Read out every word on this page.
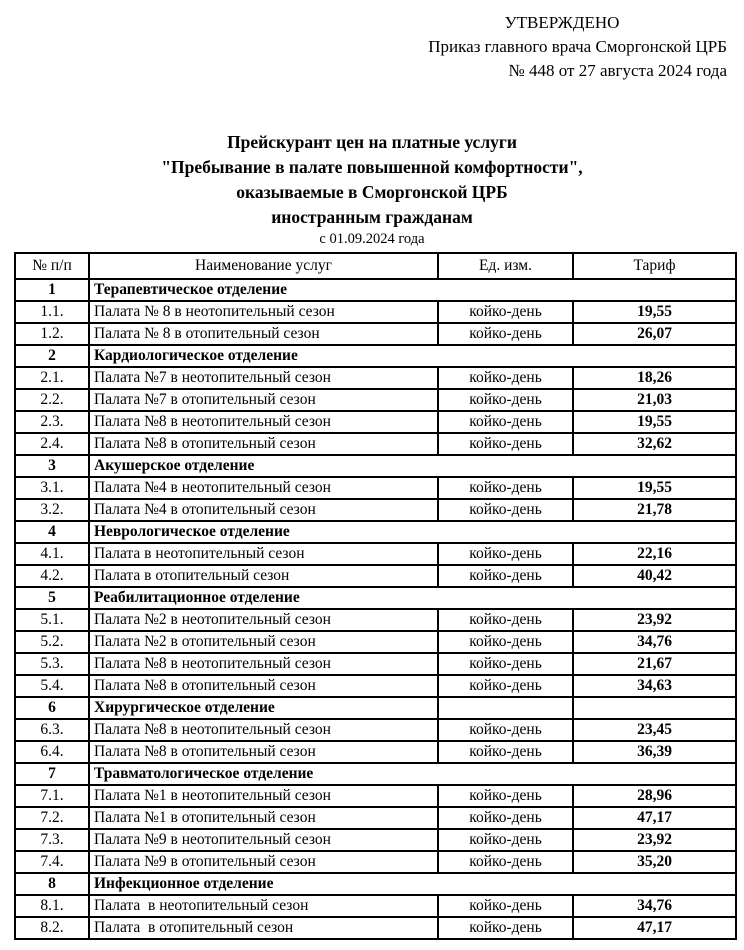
УТВЕРЖДЕНО
Приказ главного врача Сморгонской ЦРБ
№ 448 от 27 августа 2024 года
Прейскурант цен на платные услуги
"Пребывание в палате повышенной комфортности",
оказываемые в Сморгонской ЦРБ
иностранным гражданам
с 01.09.2024 года
№ п/п	Наименование услуг	Ед. изм.	Тариф
1	Терапевтическое отделение		
1.1.	Палата № 8 в неотопительный сезон	койко-день	19,55
1.2.	Палата № 8 в отопительный сезон	койко-день	26,07
2	Кардиологическое отделение		
2.1.	Палата №7 в неотопительный сезон	койко-день	18,26
2.2.	Палата №7 в отопительный сезон	койко-день	21,03
2.3.	Палата №8 в неотопительный сезон	койко-день	19,55
2.4.	Палата №8 в отопительный сезон	койко-день	32,62
3	Акушерское отделение		
3.1.	Палата №4 в неотопительный сезон	койко-день	19,55
3.2.	Палата №4 в отопительный сезон	койко-день	21,78
4	Неврологическое отделение		
4.1.	Палата в неотопительный сезон	койко-день	22,16
4.2.	Палата в отопительный сезон	койко-день	40,42
5	Реабилитационное отделение		
5.1.	Палата №2 в неотопительный сезон	койко-день	23,92
5.2.	Палата №2 в отопительный сезон	койко-день	34,76
5.3.	Палата №8 в неотопительный сезон	койко-день	21,67
5.4.	Палата №8 в отопительный сезон	койко-день	34,63
6	Хирургическое отделение		
6.3.	Палата №8 в неотопительный сезон	койко-день	23,45
6.4.	Палата №8 в отопительный сезон	койко-день	36,39
7	Травматологическое отделение		
7.1.	Палата №1 в неотопительный сезон	койко-день	28,96
7.2.	Палата №1 в отопительный сезон	койко-день	47,17
7.3.	Палата №9 в неотопительный сезон	койко-день	23,92
7.4.	Палата №9 в отопительный сезон	койко-день	35,20
8	Инфекционное отделение		
8.1.	Палата  в неотопительный сезон	койко-день	34,76
8.2.	Палата  в отопительный сезон	койко-день	47,17
